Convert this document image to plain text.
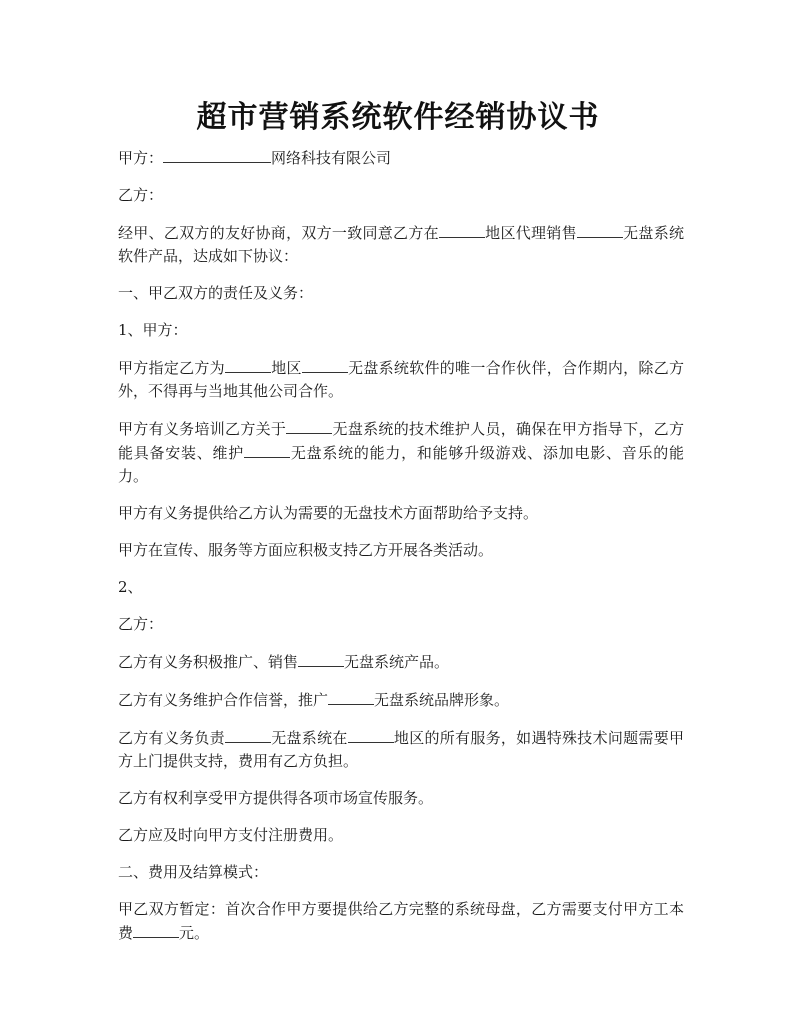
超市营销系统软件经销协议书

甲方：	网络科技有限公司

乙方：

经甲、乙双方的友好协商，双方一致同意乙方在	地区代理销售	无盘系统软件产品，达成如下协议：

一、甲乙双方的责任及义务：

1、甲方：

甲方指定乙方为	地区	无盘系统软件的唯一合作伙伴，合作期内，除乙方外，不得再与当地其他公司合作。

甲方有义务培训乙方关于	无盘系统的技术维护人员，确保在甲方指导下，乙方能具备安装、维护	无盘系统的能力，和能够升级游戏、添加电影、音乐的能力。

甲方有义务提供给乙方认为需要的无盘技术方面帮助给予支持。

甲方在宣传、服务等方面应积极支持乙方开展各类活动。

2、

乙方：

乙方有义务积极推广、销售	无盘系统产品。

乙方有义务维护合作信誉，推广	无盘系统品牌形象。

乙方有义务负责	无盘系统在	地区的所有服务，如遇特殊技术问题需要甲方上门提供支持，费用有乙方负担。

乙方有权利享受甲方提供得各项市场宣传服务。

乙方应及时向甲方支付注册费用。

二、费用及结算模式：

甲乙双方暂定：首次合作甲方要提供给乙方完整的系统母盘，乙方需要支付甲方工本费	元。
